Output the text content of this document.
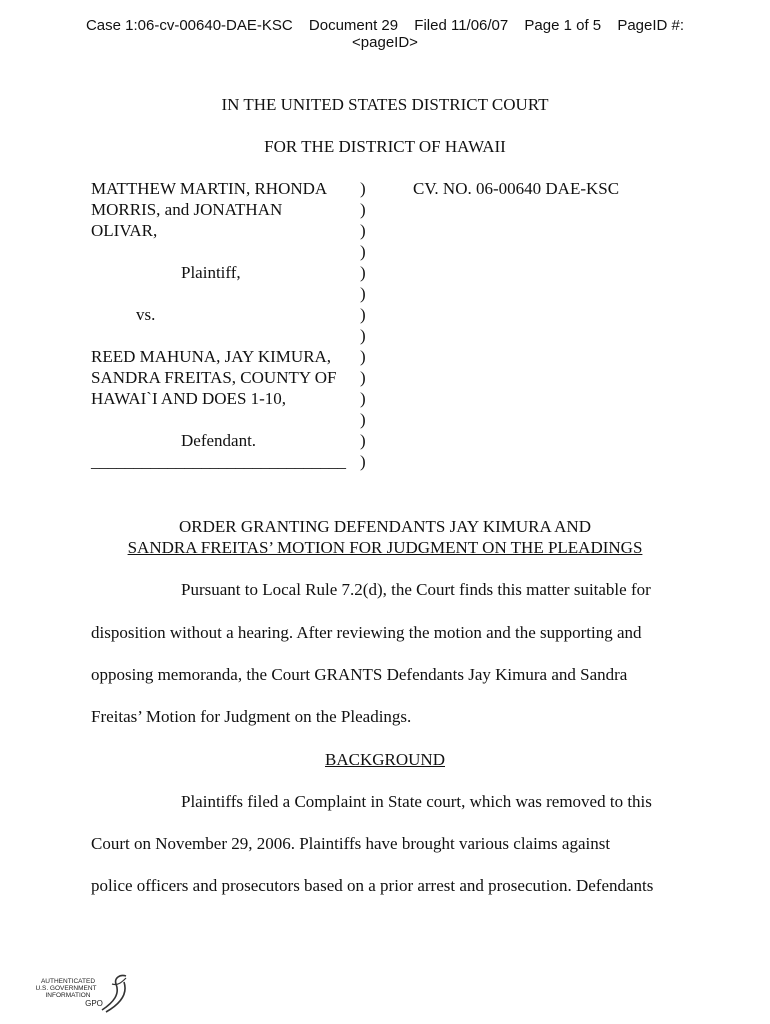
Case 1:06-cv-00640-DAE-KSC Document 29 Filed 11/06/07 Page 1 of 5 PageID #:
<pageID>
IN THE UNITED STATES DISTRICT COURT
FOR THE DISTRICT OF HAWAII
MATTHEW MARTIN, RHONDA
MORRIS, and JONATHAN
OLIVAR,
Plaintiff,
vs.
REED MAHUNA, JAY KIMURA,
SANDRA FREITAS, COUNTY OF
HAWAI`I AND DOES 1-10,
Defendant.
______________________________
)
)
)
)
)
)
)
)
)
)
)
)
)
)
CV. NO. 06-00640 DAE-KSC
ORDER GRANTING DEFENDANTS JAY KIMURA AND
SANDRA FREITAS’ MOTION FOR JUDGMENT ON THE PLEADINGS
Pursuant to Local Rule 7.2(d), the Court finds this matter suitable for
disposition without a hearing. After reviewing the motion and the supporting and
opposing memoranda, the Court GRANTS Defendants Jay Kimura and Sandra
Freitas’ Motion for Judgment on the Pleadings.
BACKGROUND
Plaintiffs filed a Complaint in State court, which was removed to this
Court on November 29, 2006. Plaintiffs have brought various claims against
police officers and prosecutors based on a prior arrest and prosecution. Defendants
AUTHENTICATED
U.S. GOVERNMENT
INFORMATION
GPO
